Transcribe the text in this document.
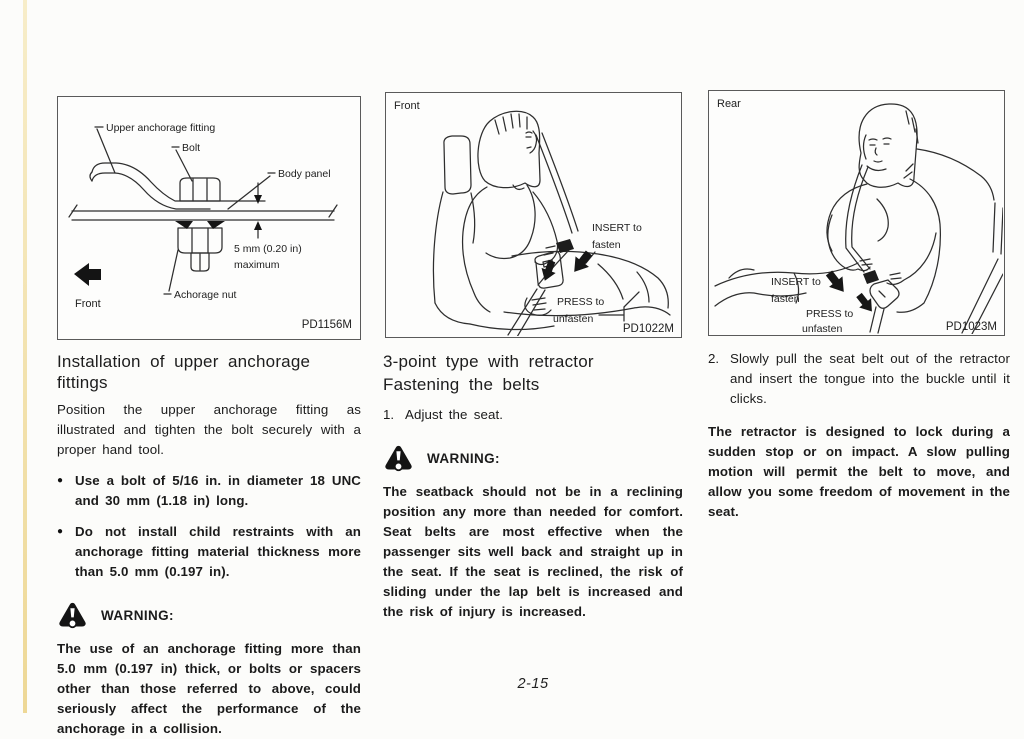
Upper anchorage fitting
Bolt
Body panel
5 mm (0.20 in)
maximum
Achorage nut
Front
PD1156M
Front
INSERT to
fasten
PRESS to
unfasten
PD1022M
Rear
INSERT to
fasten
PRESS to
unfasten	PD1023M
Installation of upper anchorage fittings

Position the upper anchorage fitting as illustrated and tighten the bolt securely with a proper hand tool.

● Use a bolt of 5/16 in. in diameter 18 UNC and 30 mm (1.18 in) long.
● Do not install child restraints with an anchorage fitting material thickness more than 5.0 mm (0.197 in).
WARNING:

The use of an anchorage fitting more than 5.0 mm (0.197 in) thick, or bolts or spacers other than those referred to above, could seriously affect the performance of the anchorage in a collision.

3-point type with retractor
Fastening the belts
1. Adjust the seat.
WARNING:

The seatback should not be in a reclining position any more than needed for comfort. Seat belts are most effective when the passenger sits well back and straight up in the seat. If the seat is reclined, the risk of sliding under the lap belt is increased and the risk of injury is increased.

2. Slowly pull the seat belt out of the retractor and insert the tongue into the buckle until it clicks.

The retractor is designed to lock during a sudden stop or on impact. A slow pulling motion will permit the belt to move, and allow you some freedom of movement in the seat.

2-15
